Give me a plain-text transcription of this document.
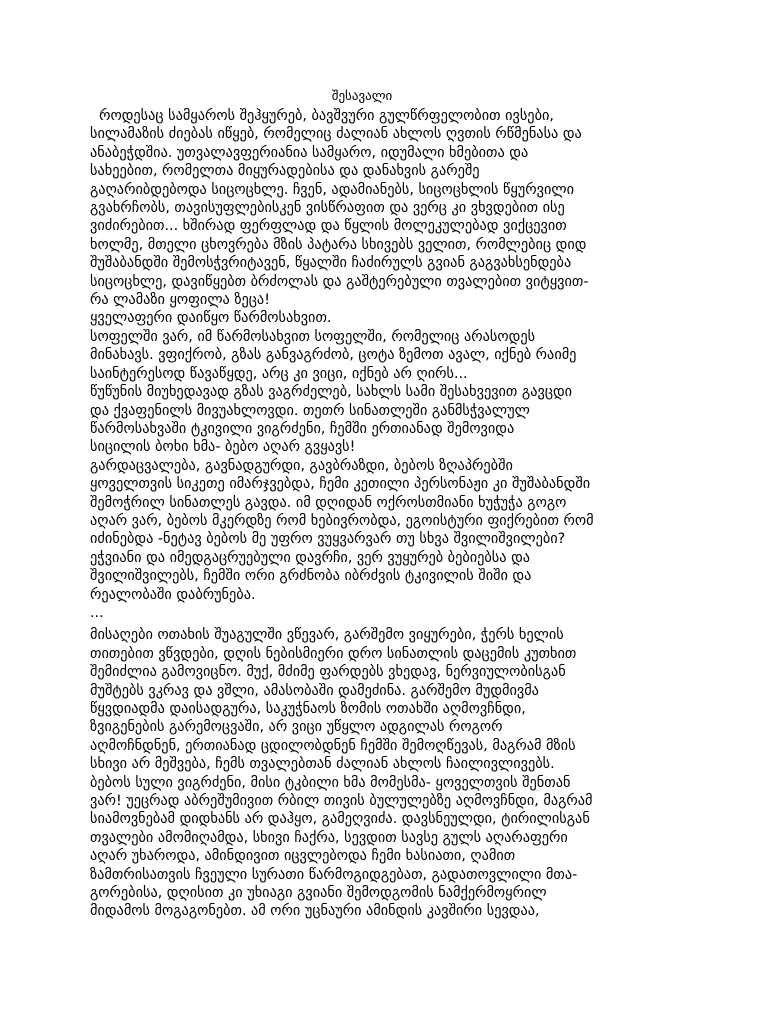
შესავალი
როდესაც სამყაროს შეჰყურებ, ბავშვური გულწრფელობით ივსები,
სილამაზის ძიებას იწყებ, რომელიც ძალიან ახლოს ღვთის რწმენასა და
ანაბეჭდშია. უთვალავფერიანია სამყარო, იდუმალი ხმებითა და
სახეებით, რომელთა მიყურადებისა და დანახვის გარეშე
გაღარიბდებოდა სიცოცხლე. ჩვენ, ადამიანებს, სიცოცხლის წყურვილი
გვახრჩობს, თავისუფლებისკენ ვისწრაფით და ვერც კი ვხვდებით ისე
ვიძირებით... ხშირად ფერფლად და წყლის მოლეკულებად ვიქცევით
ხოლმე, მთელი ცხოვრება მზის პატარა სხივებს ველით, რომლებიც დიდ
შუშაბანდში შემოსჭვრიტავენ, წყალში ჩაძირულს გვიან გაგვახსენდება
სიცოცხლე, დავიწყებთ ბრძოლას და გაშტერებული თვალებით ვიტყვით-
რა ლამაზი ყოფილა ზეცა!
ყველაფერი დაიწყო წარმოსახვით.
სოფელში ვარ, იმ წარმოსახვით სოფელში, რომელიც არასოდეს
მინახავს. ვფიქრობ, გზას განვაგრძობ, ცოტა ზემოთ ავალ, იქნებ რაიმე
საინტერესოდ წავაწყდე, არც კი ვიცი, იქნებ არ ღირს...
წუწუნის მიუხედავად გზას ვაგრძელებ, სახლს სამი შესახვევით გავცდი
და ქვაფენილს მივუახლოვდი. თეთრ სინათლეში განმსჭვალულ
წარმოსახვაში ტკივილი ვიგრძენი, ჩემში ერთიანად შემოვიდა
სიცილის ბოხი ხმა- ბებო აღარ გვყავს!
გარდაცვალება, გავნადგურდი, გავბრაზდი, ბებოს ზღაპრებში
ყოველთვის სიკეთე იმარჯვებდა, ჩემი კეთილი პერსონაჟი კი შუშაბანდში
შემოჭრილ სინათლეს გავდა. იმ დღიდან ოქროსთმიანი ხუჭუჭა გოგო
აღარ ვარ, ბებოს მკერდზე რომ ხებივრობდა, ეგოისტური ფიქრებით რომ
იძინებდა -ნეტავ ბებოს მე უფრო ვუყვარვარ თუ სხვა შვილიშვილები?
ეჭვიანი და იმედგაცრუებული დავრჩი, ვერ ვუყურებ ბებიებსა და
შვილიშვილებს, ჩემში ორი გრძნობა იბრძვის ტკივილის შიში და
რეალობაში დაბრუნება.
...
მისაღები ოთახის შუაგულში ვწევარ, გარშემო ვიყურები, ჭერს ხელის
თითებით ვწვდები, დღის ნებისმიერი დრო სინათლის დაცემის კუთხით
შემიძლია გამოვიცნო. მუქ, მძიმე ფარდებს ვხედავ, ნერვიულობისგან
მუშტებს ვკრავ და ვშლი, ამასობაში დამეძინა. გარშემო მუდმივმა
წყვდიადმა დაისადგურა, საკუჭნაოს ზომის ოთახში აღმოვჩნდი,
ზვიგენების გარემოცვაში, არ ვიცი უწყლო ადგილას როგორ
აღმოჩნდნენ, ერთიანად ცდილობდნენ ჩემში შემოღწევას, მაგრამ მზის
სხივი არ მეშვება, ჩემს თვალებთან ძალიან ახლოს ჩაილივლივებს.
ბებოს სული ვიგრძენი, მისი ტკბილი ხმა მომესმა- ყოველთვის შენთან
ვარ! უეცრად აბრეშუმივით რბილ თივის ბულულებზე აღმოვჩნდი, მაგრამ
სიამოვნებამ დიდხანს არ დაჰყო, გამეღვიძა. დავსნეულდი, ტირილისგან
თვალები ამომიღამდა, სხივი ჩაქრა, სევდით სავსე გულს აღარაფერი
აღარ უხაროდა, ამინდივით იცვლებოდა ჩემი ხასიათი, ღამით
ზამთრისათვის ჩვეული სურათი წარმოგიდგებათ, გადათოვლილი მთა-
გორებისა, დღისით კი უხიაგი გვიანი შემოდგომის ნამქერმოყრილ
მიდამოს მოგაგონებთ. ამ ორი უცნაური ამინდის კავშირი სევდაა,
